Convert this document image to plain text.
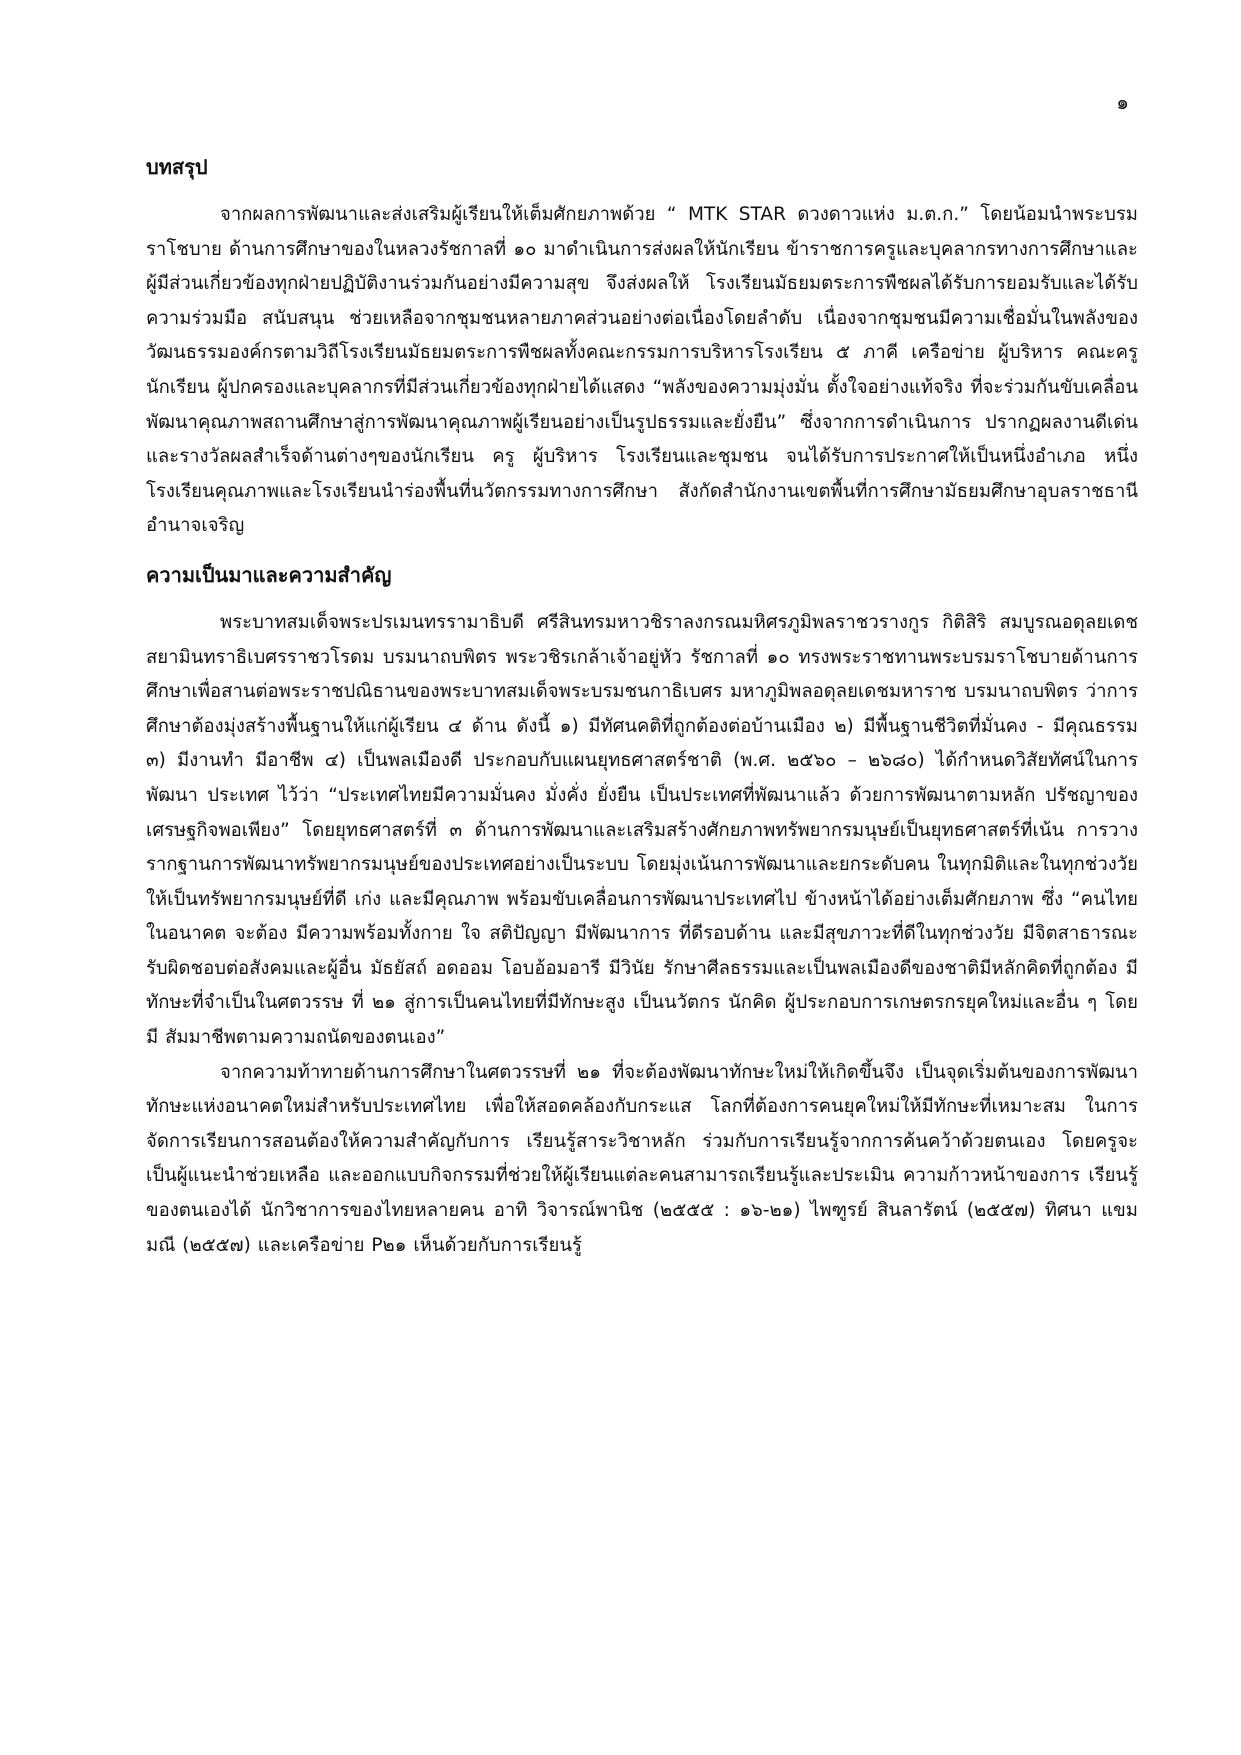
๑
บทสรุป

จากผลการพัฒนาและส่งเสริมผู้เรียนให้เต็มศักยภาพด้วย “ MTK STAR ดวงดาวแห่ง ม.ต.ก.” โดยน้อมนำพระบรมราโชบาย ด้านการศึกษาของในหลวงรัชกาลที่ ๑๐ มาดำเนินการส่งผลให้นักเรียน ข้าราชการครูและบุคลากรทางการศึกษาและผู้มีส่วนเกี่ยวข้องทุกฝ่ายปฏิบัติงานร่วมกันอย่างมีความสุข จึงส่งผลให้ โรงเรียนมัธยมตระการพืชผลได้รับการยอมรับและได้รับความร่วมมือ สนับสนุน ช่วยเหลือจากชุมชนหลายภาคส่วนอย่างต่อเนื่องโดยลำดับ เนื่องจากชุมชนมีความเชื่อมั่นในพลังของวัฒนธรรมองค์กรตามวิถีโรงเรียนมัธยมตระการพืชผลทั้งคณะกรรมการบริหารโรงเรียน ๕ ภาคี เครือข่าย ผู้บริหาร คณะครู นักเรียน ผู้ปกครองและบุคลากรที่มีส่วนเกี่ยวข้องทุกฝ่ายได้แสดง “พลังของความมุ่งมั่น ตั้งใจอย่างแท้จริง ที่จะร่วมกันขับเคลื่อนพัฒนาคุณภาพสถานศึกษาสู่การพัฒนาคุณภาพผู้เรียนอย่างเป็นรูปธรรมและยั่งยืน” ซึ่งจากการดำเนินการ ปรากฏผลงานดีเด่นและรางวัลผลสำเร็จด้านต่างๆของนักเรียน ครู ผู้บริหาร โรงเรียนและชุมชน จนได้รับการประกาศให้เป็นหนึ่งอำเภอ หนึ่งโรงเรียนคุณภาพและโรงเรียนนำร่องพื้นที่นวัตกรรมทางการศึกษา สังกัดสำนักงานเขตพื้นที่การศึกษามัธยมศึกษาอุบลราชธานี อำนาจเจริญ

ความเป็นมาและความสำคัญ

พระบาทสมเด็จพระปรเมนทรรามาธิบดี ศรีสินทรมหาวชิราลงกรณมหิศรภูมิพลราชวรางกูร กิติสิริ สมบูรณอดุลยเดช สยามินทราธิเบศรราชวโรดม บรมนาถบพิตร พระวชิรเกล้าเจ้าอยู่หัว รัชกาลที่ ๑๐ ทรงพระราชทานพระบรมราโชบายด้านการศึกษาเพื่อสานต่อพระราชปณิธานของพระบาทสมเด็จพระบรมชนกาธิเบศร มหาภูมิพลอดุลยเดชมหาราช บรมนาถบพิตร ว่าการศึกษาต้องมุ่งสร้างพื้นฐานให้แก่ผู้เรียน ๔ ด้าน ดังนี้ ๑) มีทัศนคติที่ถูกต้องต่อบ้านเมือง ๒) มีพื้นฐานชีวิตที่มั่นคง - มีคุณธรรม ๓) มีงานทำ มีอาชีพ ๔) เป็นพลเมืองดี ประกอบกับแผนยุทธศาสตร์ชาติ (พ.ศ. ๒๕๖๐ – ๒๖๘๐) ได้กำหนดวิสัยทัศน์ในการพัฒนา ประเทศ ไว้ว่า “ประเทศไทยมีความมั่นคง มั่งคั่ง ยั่งยืน เป็นประเทศที่พัฒนาแล้ว ด้วยการพัฒนาตามหลัก ปรัชญาของ เศรษฐกิจพอเพียง” โดยยุทธศาสตร์ที่ ๓ ด้านการพัฒนาและเสริมสร้างศักยภาพทรัพยากรมนุษย์เป็นยุทธศาสตร์ที่เน้น การวางรากฐานการพัฒนาทรัพยากรมนุษย์ของประเทศอย่างเป็นระบบ โดยมุ่งเน้นการพัฒนาและยกระดับคน ในทุกมิติและในทุกช่วงวัยให้เป็นทรัพยากรมนุษย์ที่ดี เก่ง และมีคุณภาพ พร้อมขับเคลื่อนการพัฒนาประเทศไป ข้างหน้าได้อย่างเต็มศักยภาพ ซึ่ง “คนไทยในอนาคต จะต้อง มีความพร้อมทั้งกาย ใจ สติปัญญา มีพัฒนาการ ที่ดีรอบด้าน และมีสุขภาวะที่ดีในทุกช่วงวัย มีจิตสาธารณะ รับผิดชอบต่อสังคมและผู้อื่น มัธยัสถ์ อดออม โอบอ้อมอารี มีวินัย รักษาศีลธรรมและเป็นพลเมืองดีของชาติมีหลักคิดที่ถูกต้อง มีทักษะที่จำเป็นในศตวรรษ ที่ ๒๑ สู่การเป็นคนไทยที่มีทักษะสูง เป็นนวัตกร นักคิด ผู้ประกอบการเกษตรกรยุคใหม่และอื่น ๆ โดยมี สัมมาชีพตามความถนัดของตนเอง”

จากความท้าทายด้านการศึกษาในศตวรรษที่ ๒๑ ที่จะต้องพัฒนาทักษะใหม่ให้เกิดขึ้นจึง เป็นจุดเริ่มต้นของการพัฒนาทักษะแห่งอนาคตใหม่สำหรับประเทศไทย เพื่อให้สอดคล้องกับกระแส โลกที่ต้องการคนยุคใหม่ให้มีทักษะที่เหมาะสม ในการจัดการเรียนการสอนต้องให้ความสำคัญกับการ เรียนรู้สาระวิชาหลัก ร่วมกับการเรียนรู้จากการค้นคว้าด้วยตนเอง โดยครูจะเป็นผู้แนะนำช่วยเหลือ และออกแบบกิจกรรมที่ช่วยให้ผู้เรียนแต่ละคนสามารถเรียนรู้และประเมิน ความก้าวหน้าของการ เรียนรู้ของตนเองได้ นักวิชาการของไทยหลายคน อาทิ วิจารณ์พานิช (๒๕๕๕ : ๑๖-๒๑) ไพฑูรย์ สินลารัตน์ (๒๕๕๗) ทิศนา แขมมณี (๒๕๕๗) และเครือข่าย P๒๑ เห็นด้วยกับการเรียนรู้
